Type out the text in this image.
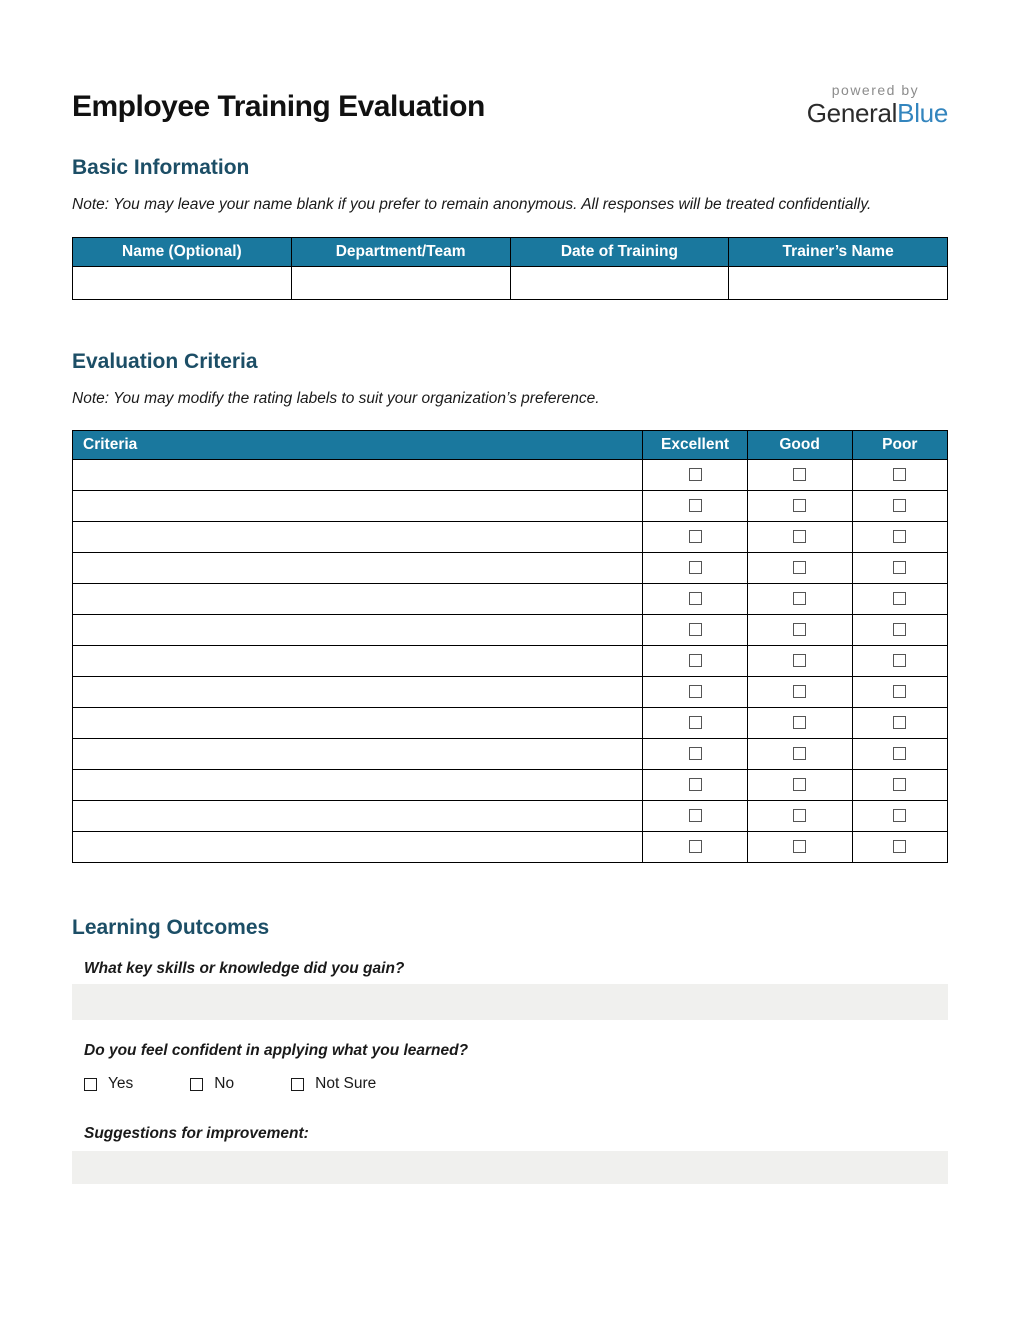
Employee Training Evaluation	powered by
GeneralBlue
Basic Information

Note: You may leave your name blank if you prefer to remain anonymous. All responses will be treated confidentially.

Name (Optional)	Department/Team	Date of Training	Trainer’s Name

Evaluation Criteria

Note: You may modify the rating labels to suit your organization’s preference.

Criteria	Excellent	Good	Poor

Learning Outcomes

What key skills or knowledge did you gain?

Do you feel confident in applying what you learned?

Yes	No	Not Sure

Suggestions for improvement:
